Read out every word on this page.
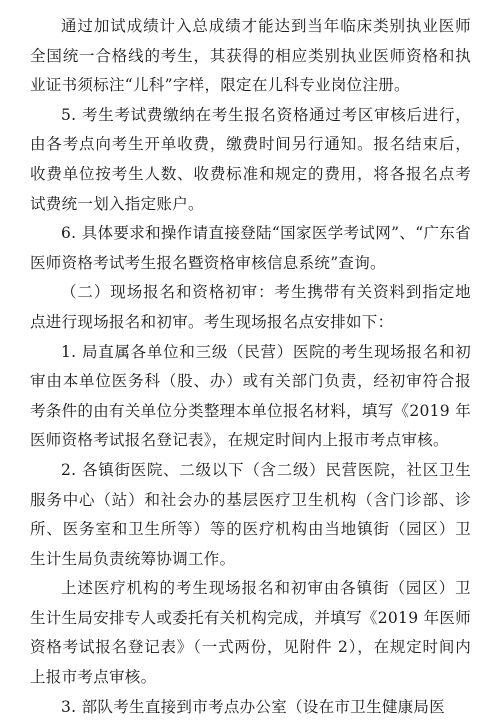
通过加试成绩计入总成绩才能达到当年临床类别执业医师全国统一合格线的考生，其获得的相应类别执业医师资格和执业证书须标注“儿科”字样，限定在儿科专业岗位注册。

5. 考生考试费缴纳在考生报名资格通过考区审核后进行，由各考点向考生开单收费，缴费时间另行通知。报名结束后，收费单位按考生人数、收费标准和规定的费用，将各报名点考试费统一划入指定账户。

6. 具体要求和操作请直接登陆“国家医学考试网”、“广东省医师资格考试考生报名暨资格审核信息系统”查询。

（二）现场报名和资格初审：考生携带有关资料到指定地点进行现场报名和初审。考生现场报名点安排如下：

1. 局直属各单位和三级（民营）医院的考生现场报名和初审由本单位医务科（股、办）或有关部门负责，经初审符合报考条件的由有关单位分类整理本单位报名材料，填写《2019 年医师资格考试报名登记表》，在规定时间内上报市考点审核。

2. 各镇街医院、二级以下（含二级）民营医院，社区卫生服务中心（站）和社会办的基层医疗卫生机构（含门诊部、诊所、医务室和卫生所等）等的医疗机构由当地镇街（园区）卫生计生局负责统筹协调工作。

上述医疗机构的考生现场报名和初审由各镇街（园区）卫生计生局安排专人或委托有关机构完成，并填写《2019 年医师资格考试报名登记表》（一式两份，见附件 2），在规定时间内上报市考点审核。

3. 部队考生直接到市考点办公室（设在市卫生健康局医
